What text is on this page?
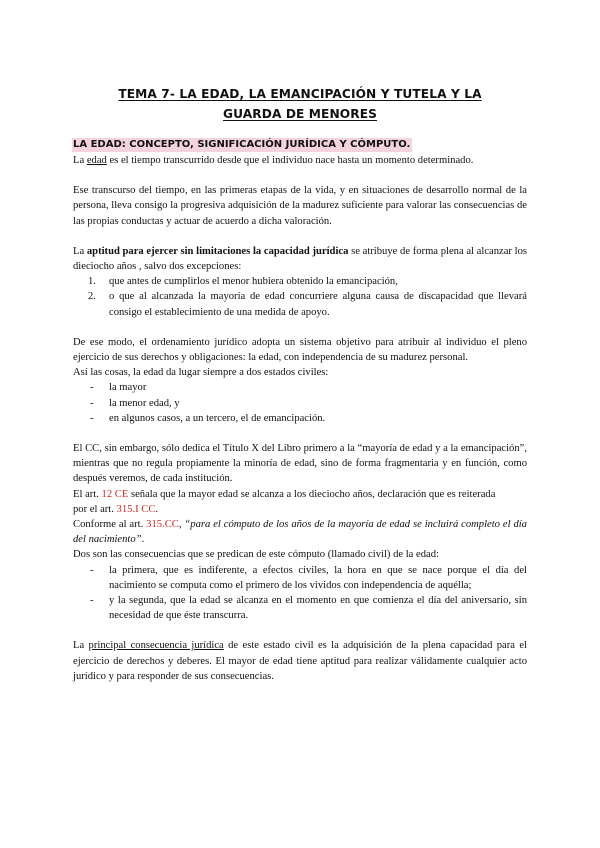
TEMA 7- LA EDAD, LA EMANCIPACIÓN Y TUTELA Y LA
GUARDA DE MENORES
LA EDAD: CONCEPTO, SIGNIFICACIÓN JURÍDICA Y CÓMPUTO.

La edad es el tiempo transcurrido desde que el individuo nace hasta un momento determinado.

Ese transcurso del tiempo, en las primeras etapas de la vida, y en situaciones de desarrollo normal de la persona, lleva consigo la progresiva adquisición de la madurez suficiente para valorar las consecuencias de las propias conductas y actuar de acuerdo a dicha valoración.

La aptitud para ejercer sin limitaciones la capacidad jurídica se atribuye de forma plena al alcanzar los dieciocho años , salvo dos excepciones:

1. que antes de cumplirlos el menor hubiera obtenido la emancipación,
2. o que al alcanzada la mayoría de edad concurriere alguna causa de discapacidad que llevará consigo el establecimiento de una medida de apoyo.

De ese modo, el ordenamiento jurídico adopta un sistema objetivo para atribuir al individuo el pleno ejercicio de sus derechos y obligaciones: la edad, con independencia de su madurez personal.

Así las cosas, la edad da lugar siempre a dos estados civiles:

- la mayor
- la menor edad, y
- en algunos casos, a un tercero, el de emancipación.

El CC, sin embargo, sólo dedica el Título X del Libro primero a la “mayoría de edad y a la emancipación”, mientras que no regula propiamente la minoría de edad, sino de forma fragmentaria y en función, como después veremos, de cada institución.

El art. 12 CE señala que la mayor edad se alcanza a los dieciocho años, declaración que es reiterada

por el art. 315.I CC.

Conforme al art. 315.CC, “para el cómputo de los años de la mayoría de edad se incluirá completo el día del nacimiento”.

Dos son las consecuencias que se predican de este cómputo (llamado civil) de la edad:

- la primera, que es indiferente, a efectos civiles, la hora en que se nace porque el día del nacimiento se computa como el primero de los vividos con independencia de aquélla;
- y la segunda, que la edad se alcanza en el momento en que comienza el día del aniversario, sin necesidad de que éste transcurra.

La principal consecuencia jurídica de este estado civil es la adquisición de la plena capacidad para el ejercicio de derechos y deberes. El mayor de edad tiene aptitud para realizar válidamente cualquier acto jurídico y para responder de sus consecuencias.
